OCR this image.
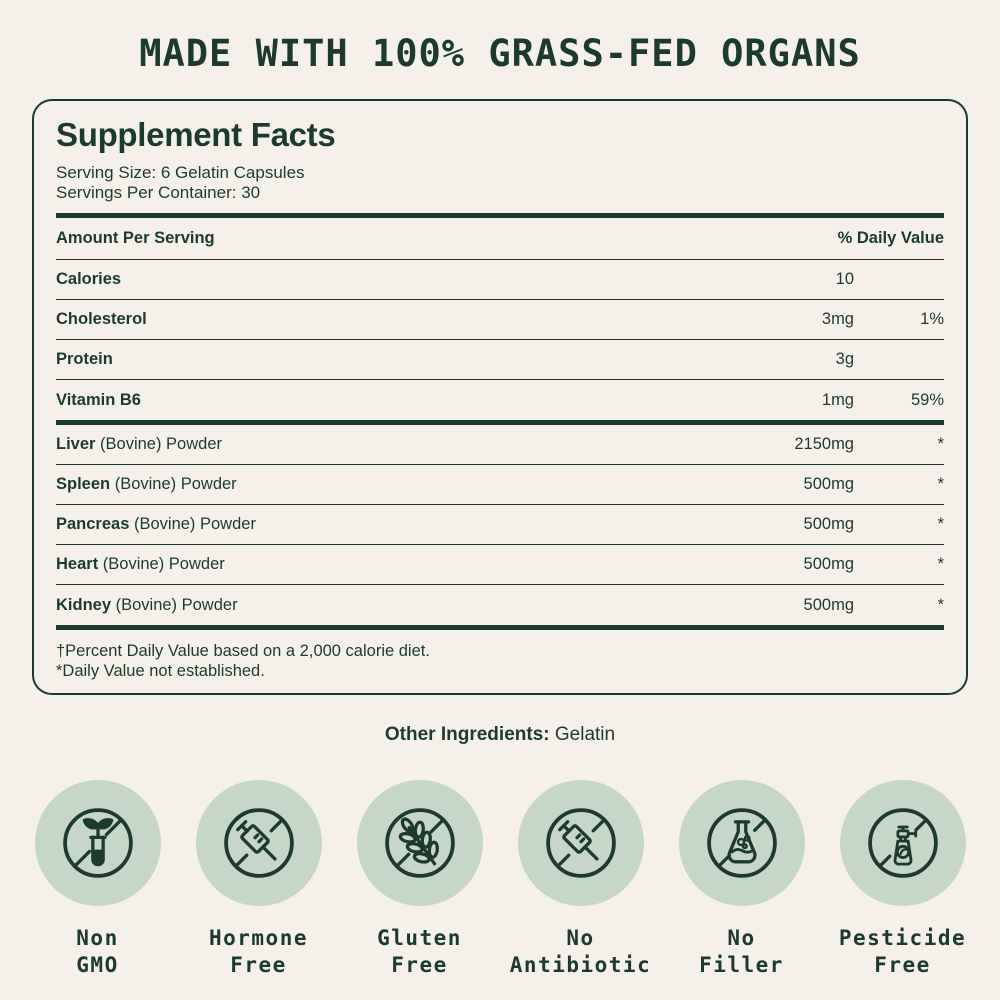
MADE WITH 100% GRASS-FED ORGANS
Supplement Facts
Serving Size: 6 Gelatin Capsules
Servings Per Container: 30
Amount Per Serving	% Daily Value
Calories	10
Cholesterol	3mg	1%
Protein	3g
Vitamin B6	1mg	59%
Liver (Bovine) Powder	2150mg	*
Spleen (Bovine) Powder	500mg	*
Pancreas (Bovine) Powder	500mg	*
Heart (Bovine) Powder	500mg	*
Kidney (Bovine) Powder	500mg	*
†Percent Daily Value based on a 2,000 calorie diet.
*Daily Value not established.
Other Ingredients: Gelatin
Non
GMO
Hormone
Free
Gluten
Free
No
Antibiotic
No
Filler
Pesticide
Free
